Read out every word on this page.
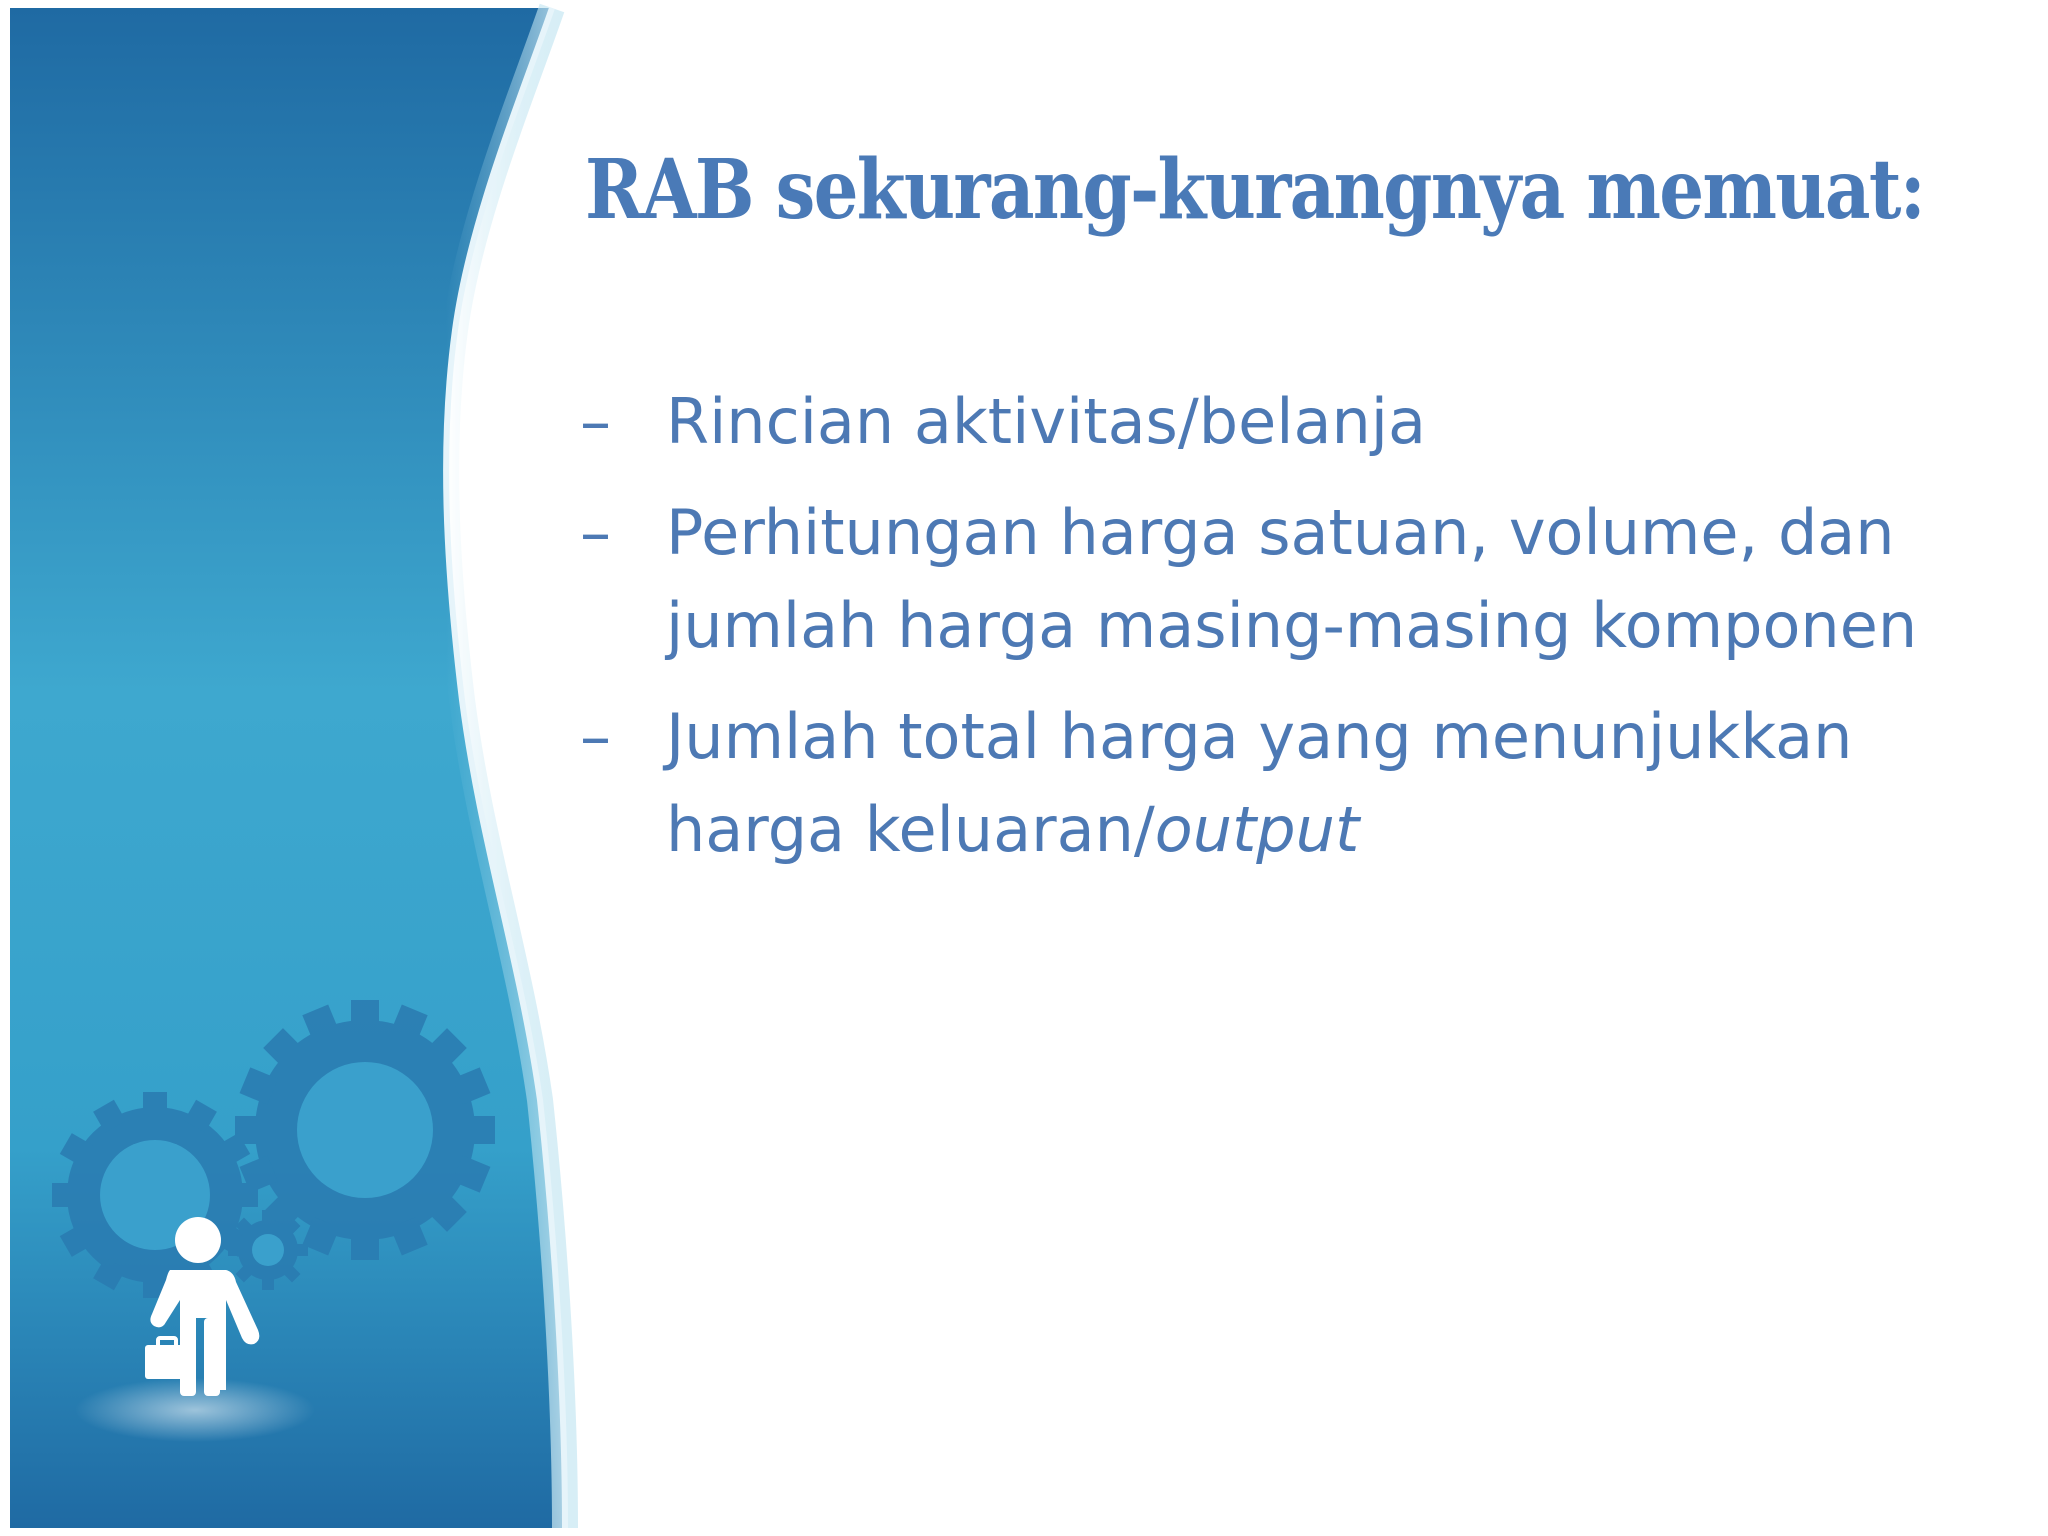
RAB sekurang-kurangnya memuat:
– Rincian aktivitas/belanja
– Perhitungan harga satuan, volume, dan jumlah harga masing-masing komponen
– Jumlah total harga yang menunjukkan harga keluaran/output
